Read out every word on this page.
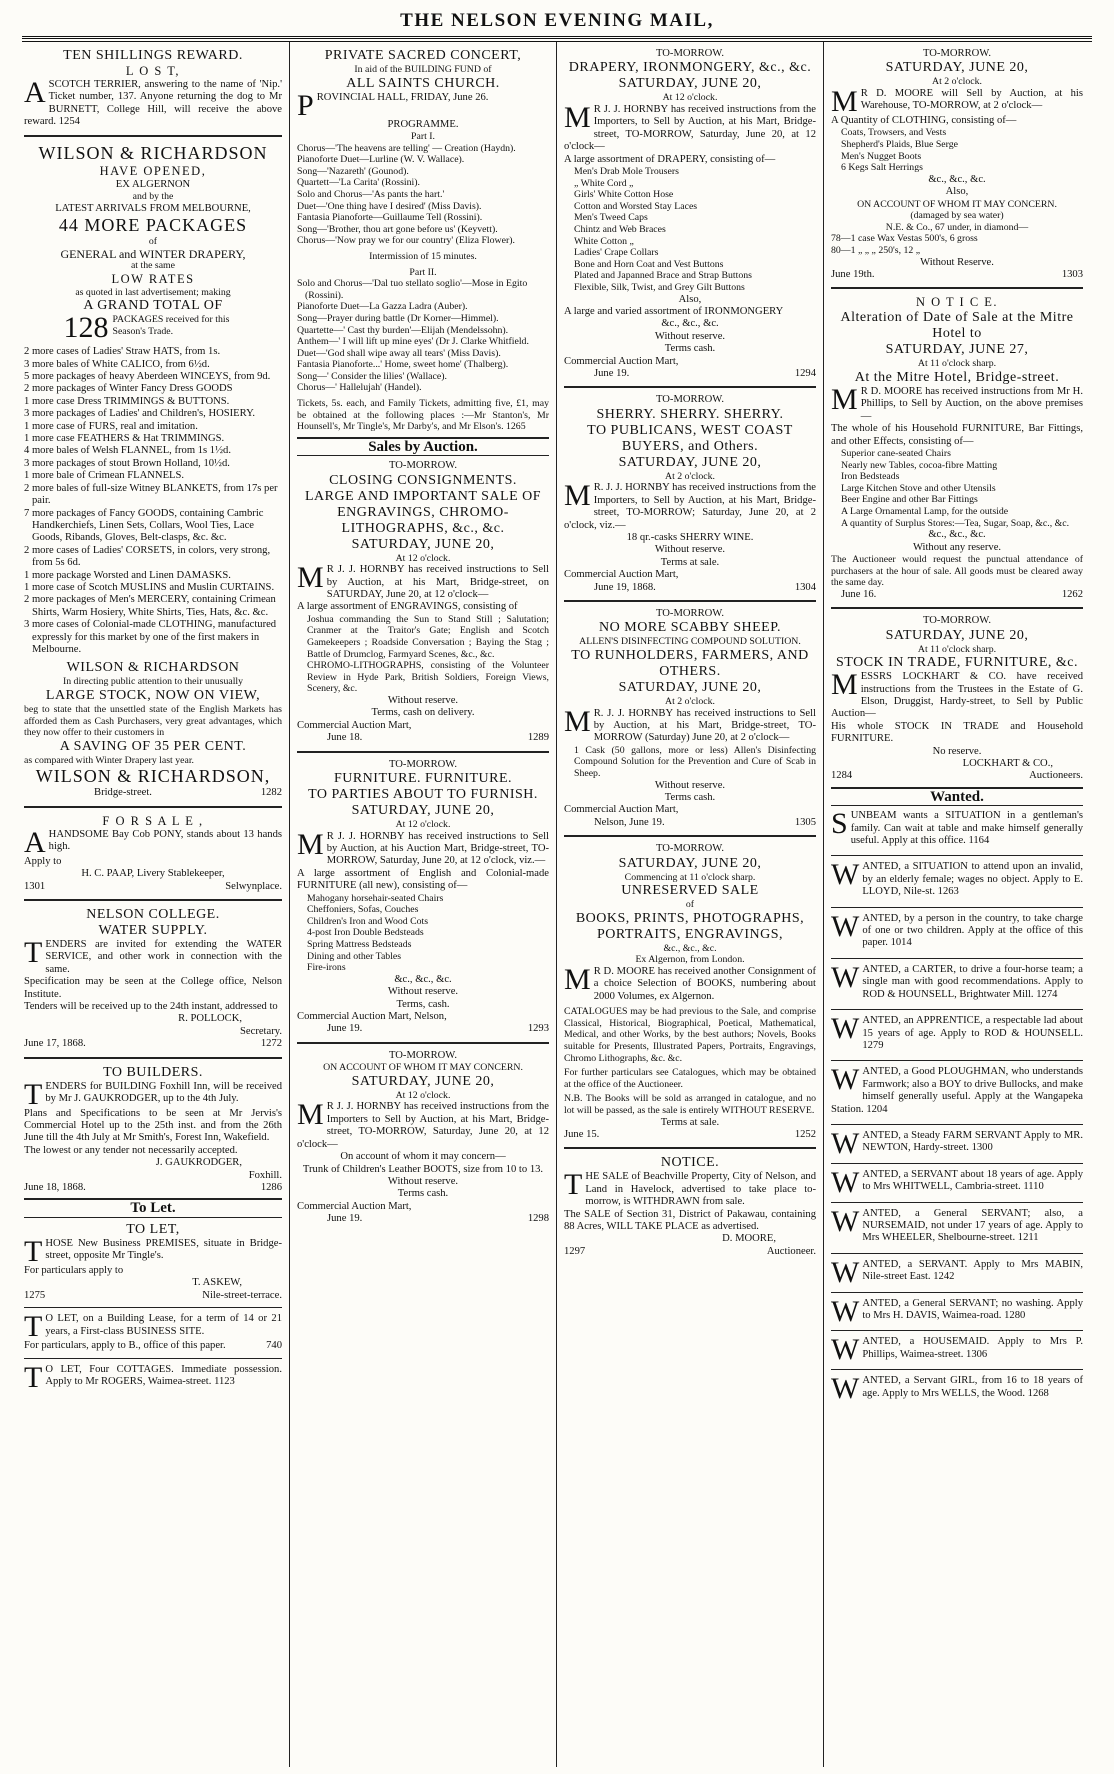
THE NELSON EVENING MAIL,
TEN SHILLINGS REWARD.
L O S T,
ASCOTCH TERRIER, answering to the name of 'Nip.' Ticket number, 137. Anyone returning the dog to Mr BURNETT, College Hill, will receive the above reward. 1254
WILSON & RICHARDSON
HAVE OPENED,
EX ALGERNON
and by the
LATEST ARRIVALS FROM MELBOURNE,
44 MORE PACKAGES
of
GENERAL and WINTER DRAPERY,
at the same
LOW RATES
as quoted in last advertisement; making
A GRAND TOTAL OF
128 PACKAGES received for this Season's Trade.
2 more cases of Ladies' Straw HATS, from 1s.
3 more bales of White CALICO, from 6½d.
5 more packages of heavy Aberdeen WINCEYS, from 9d.
2 more packages of Winter Fancy Dress GOODS
1 more case Dress TRIMMINGS & BUTTONS.
3 more packages of Ladies' and Children's, HOSIERY.
1 more case of FURS, real and imitation.
1 more case FEATHERS & Hat TRIMMINGS.
4 more bales of Welsh FLANNEL, from 1s 1½d.
3 more packages of stout Brown Holland, 10½d.
1 more bale of Crimean FLANNELS.
2 more bales of full-size Witney BLANKETS, from 17s per pair.
7 more packages of Fancy GOODS, containing Cambric Handkerchiefs, Linen Sets, Collars, Wool Ties, Lace Goods, Ribands, Gloves, Belt-clasps, &c. &c.
2 more cases of Ladies' CORSETS, in colors, very strong, from 5s 6d.
1 more package Worsted and Linen DAMASKS.
1 more case of Scotch MUSLINS and Muslin CURTAINS.
2 more packages of Men's MERCERY, containing Crimean Shirts, Warm Hosiery, White Shirts, Ties, Hats, &c. &c.
3 more cases of Colonial-made CLOTHING, manufactured expressly for this market by one of the first makers in Melbourne.
WILSON & RICHARDSON
In directing public attention to their unusually
LARGE STOCK, NOW ON VIEW,
beg to state that the unsettled state of the English Markets has afforded them as Cash Purchasers, very great advantages, which they now offer to their customers in
A SAVING OF 35 PER CENT.
as compared with Winter Drapery last year.
WILSON & RICHARDSON,
Bridge-street.	1282
F O R S A L E ,
AHANDSOME Bay Cob PONY, stands about 13 hands high.
Apply to
H. C. PAAP, Livery Stablekeeper,
1301	Selwynplace.
NELSON COLLEGE.
WATER SUPPLY.
TENDERS are invited for extending the WATER SERVICE, and other work in connection with the same.
Specification may be seen at the College office, Nelson Institute.
Tenders will be received up to the 24th instant, addressed to
R. POLLOCK,
Secretary.
June 17, 1868.	1272
TO BUILDERS.
TENDERS for BUILDING Foxhill Inn, will be received by Mr J. GAUKRODGER, up to the 4th July.
Plans and Specifications to be seen at Mr Jervis's Commercial Hotel up to the 25th inst. and from the 26th June till the 4th July at Mr Smith's, Forest Inn, Wakefield.
The lowest or any tender not necessarily accepted.
J. GAUKRODGER,
Foxhill.
June 18, 1868.	1286
To Let.
TO LET,
THOSE New Business PREMISES, situate in Bridge-street, opposite Mr Tingle's.
For particulars apply to
T. ASKEW,
1275	Nile-street-terrace.
T O LET, on a Building Lease, for a term of 14 or 21 years, a First-class BUSINESS SITE.
For particulars, apply to B., office of this paper.	740
T O LET, Four COTTAGES. Immediate possession. Apply to Mr ROGERS, Waimea-street. 1123
PRIVATE SACRED CONCERT,
In aid of the BUILDING FUND of
ALL SAINTS CHURCH.
PROVINCIAL HALL, FRIDAY, June 26.
PROGRAMME.
Part I.
Chorus—'The heavens are telling' — Creation (Haydn).
Pianoforte Duet—Lurline (W. V. Wallace).
Song—'Nazareth' (Gounod).
Quartett—'La Carita' (Rossini).
Solo and Chorus—'As pants the hart.'
Duet—'One thing have I desired' (Miss Davis).
Fantasia Pianoforte—Guillaume Tell (Rossini).
Song—'Brother, thou art gone before us' (Keyvett).
Chorus—'Now pray we for our country' (Eliza Flower).
Intermission of 15 minutes.
Part II.
Solo and Chorus—'Dal tuo stellato soglio'—Mose in Egito (Rossini).
Pianoforte Duet—La Gazza Ladra (Auber).
Song—Prayer during battle (Dr Korner—Himmel).
Quartette—' Cast thy burden'—Elijah (Mendelssohn).
Anthem—' I will lift up mine eyes' (Dr J. Clarke Whitfield.
Duet—'God shall wipe away all tears' (Miss Davis).
Fantasia Pianoforte...' Home, sweet home' (Thalberg).
Song—' Consider the lilies' (Wallace).
Chorus—' Hallelujah' (Handel).
Tickets, 5s. each, and Family Tickets, admitting five, £1, may be obtained at the following places :—Mr Stanton's, Mr Hounsell's, Mr Tingle's, Mr Darby's, and Mr Elson's. 1265
Sales by Auction.
TO-MORROW.
CLOSING CONSIGNMENTS.
LARGE AND IMPORTANT SALE OF ENGRAVINGS, CHROMO-LITHOGRAPHS, &c., &c.
SATURDAY, JUNE 20,
At 12 o'clock.
M R J. J. HORNBY has received instructions to Sell by Auction, at his Mart, Bridge-street, on SATURDAY, June 20, at 12 o'clock—
A large assortment of ENGRAVINGS, consisting of
Joshua commanding the Sun to Stand Still ; Salutation; Cranmer at the Traitor's Gate; English and Scotch Gamekeepers ; Roadside Conversation ; Baying the Stag ; Battle of Drumclog, Farmyard Scenes, &c., &c.
CHROMO-LITHOGRAPHS, consisting of the Volunteer Review in Hyde Park, British Soldiers, Foreign Views, Scenery, &c.
Without reserve.
Terms, cash on delivery.
Commercial Auction Mart,
June 18.	1289
TO-MORROW.
FURNITURE. FURNITURE.
TO PARTIES ABOUT TO FURNISH.
SATURDAY, JUNE 20,
At 12 o'clock.
M R J. J. HORNBY has received instructions to Sell by Auction, at his Auction Mart, Bridge-street, TO-MORROW, Saturday, June 20, at 12 o'clock, viz.—
A large assortment of English and Colonial-made FURNITURE (all new), consisting of—
Mahogany horsehair-seated Chairs
Cheffoniers, Sofas, Couches
Children's Iron and Wood Cots
4-post Iron Double Bedsteads
Spring Mattress Bedsteads
Dining and other Tables
Fire-irons
&c., &c., &c.
Without reserve.
Terms, cash.
Commercial Auction Mart, Nelson,
June 19.	1293
TO-MORROW.
ON ACCOUNT OF WHOM IT MAY CONCERN.
SATURDAY, JUNE 20,
At 12 o'clock.
M R J. J. HORNBY has received instructions from the Importers to Sell by Auction, at his Mart, Bridge-street, TO-MORROW, Saturday, June 20, at 12 o'clock—
On account of whom it may concern—
Trunk of Children's Leather BOOTS, size from 10 to 13.
Without reserve.
Terms cash.
Commercial Auction Mart,
June 19.	1298
TO-MORROW.
DRAPERY, IRONMONGERY, &c., &c.
SATURDAY, JUNE 20,
At 12 o'clock.
M R J. J. HORNBY has received instructions from the Importers, to Sell by Auction, at his Mart, Bridge-street, TO-MORROW, Saturday, June 20, at 12 o'clock—
A large assortment of DRAPERY, consisting of—
Men's Drab Mole Trousers
„ White Cord „
Girls' White Cotton Hose
Cotton and Worsted Stay Laces
Men's Tweed Caps
Chintz and Web Braces
White Cotton „
Ladies' Crape Collars
Bone and Horn Coat and Vest Buttons
Plated and Japanned Brace and Strap Buttons
Flexible, Silk, Twist, and Grey Gilt Buttons
Also,
A large and varied assortment of IRONMONGERY
&c., &c., &c.
Without reserve.
Terms cash.
Commercial Auction Mart,
June 19.	1294
TO-MORROW.
SHERRY. SHERRY. SHERRY.
TO PUBLICANS, WEST COAST BUYERS, and Others.
SATURDAY, JUNE 20,
At 2 o'clock.
M R. J. J. HORNBY has received instructions from the Importers, to Sell by Auction, at his Mart, Bridge-street, TO-MORROW; Saturday, June 20, at 2 o'clock, viz.—
18 qr.-casks SHERRY WINE.
Without reserve.
Terms at sale.
Commercial Auction Mart,
June 19, 1868.	1304
TO-MORROW.
NO MORE SCABBY SHEEP.
ALLEN'S DISINFECTING COMPOUND SOLUTION.
TO RUNHOLDERS, FARMERS, AND OTHERS.
SATURDAY, JUNE 20,
At 2 o'clock.
M R. J. J. HORNBY has received instructions to Sell by Auction, at his Mart, Bridge-street, TO-MORROW (Saturday) June 20, at 2 o'clock—
1 Cask (50 gallons, more or less) Allen's Disinfecting Compound Solution for the Prevention and Cure of Scab in Sheep.
Without reserve.
Terms cash.
Commercial Auction Mart,
Nelson, June 19.	1305
TO-MORROW.
SATURDAY, JUNE 20,
Commencing at 11 o'clock sharp.
UNRESERVED SALE
of
BOOKS, PRINTS, PHOTOGRAPHS, PORTRAITS, ENGRAVINGS,
&c., &c., &c.
Ex Algernon, from London.
M R D. MOORE has received another Consignment of a choice Selection of BOOKS, numbering about 2000 Volumes, ex Algernon.
CATALOGUES may be had previous to the Sale, and comprise Classical, Historical, Biographical, Poetical, Mathematical, Medical, and other Works, by the best authors; Novels, Books suitable for Presents, Illustrated Papers, Portraits, Engravings, Chromo Lithographs, &c. &c.
For further particulars see Catalogues, which may be obtained at the office of the Auctioneer.
N.B. The Books will be sold as arranged in catalogue, and no lot will be passed, as the sale is entirely WITHOUT RESERVE.
Terms at sale.
June 15.	1252
NOTICE.
THE SALE of Beachville Property, City of Nelson, and Land in Havelock, advertised to take place to-morrow, is WITHDRAWN from sale.
The SALE of Section 31, District of Pakawau, containing 88 Acres, WILL TAKE PLACE as advertised.
D. MOORE,
1297	Auctioneer.
TO-MORROW.
SATURDAY, JUNE 20,
At 2 o'clock.
M R D. MOORE will Sell by Auction, at his Warehouse, TO-MORROW, at 2 o'clock—
A Quantity of CLOTHING, consisting of—
Coats, Trowsers, and Vests
Shepherd's Plaids, Blue Serge
Men's Nugget Boots
6 Kegs Salt Herrings
&c., &c., &c.
Also,
ON ACCOUNT OF WHOM IT MAY CONCERN.
(damaged by sea water)
N.E. & Co., 67 under, in diamond—
78—1 case Wax Vestas 500's, 6 gross
80—1 „ „ „ 250's, 12 „
Without Reserve.
June 19th.	1303
N O T I C E.
Alteration of Date of Sale at the Mitre Hotel to
SATURDAY, JUNE 27,
At 11 o'clock sharp.
At the Mitre Hotel, Bridge-street.
M R D. MOORE has received instructions from Mr H. Phillips, to Sell by Auction, on the above premises—
The whole of his Household FURNITURE, Bar Fittings, and other Effects, consisting of—
Superior cane-seated Chairs
Nearly new Tables, cocoa-fibre Matting
Iron Bedsteads
Large Kitchen Stove and other Utensils
Beer Engine and other Bar Fittings
A Large Ornamental Lamp, for the outside
A quantity of Surplus Stores:—Tea, Sugar, Soap, &c., &c.
&c., &c., &c.
Without any reserve.
The Auctioneer would request the punctual attendance of purchasers at the hour of sale. All goods must be cleared away the same day.
June 16.	1262
TO-MORROW.
SATURDAY, JUNE 20,
At 11 o'clock sharp.
STOCK IN TRADE, FURNITURE, &c.
MESSRS LOCKHART & CO. have received instructions from the Trustees in the Estate of G. Elson, Druggist, Hardy-street, to Sell by Public Auction—
His whole STOCK IN TRADE and Household FURNITURE.
No reserve.
LOCKHART & CO.,
1284	Auctioneers.
Wanted.
SUNBEAM wants a SITUATION in a gentleman's family. Can wait at table and make himself generally useful. Apply at this office. 1164
WANTED, a SITUATION to attend upon an invalid, by an elderly female; wages no object. Apply to E. LLOYD, Nile-st. 1263
WANTED, by a person in the country, to take charge of one or two children. Apply at the office of this paper. 1014
WANTED, a CARTER, to drive a four-horse team; a single man with good recommendations. Apply to ROD & HOUNSELL, Brightwater Mill. 1274
WANTED, an APPRENTICE, a respectable lad about 15 years of age. Apply to ROD & HOUNSELL. 1279
WANTED, a Good PLOUGHMAN, who understands Farmwork; also a BOY to drive Bullocks, and make himself generally useful. Apply at the Wangapeka Station. 1204
WANTED, a Steady FARM SERVANT Apply to MR. NEWTON, Hardy-street. 1300
WANTED, a SERVANT about 18 years of age. Apply to Mrs WHITWELL, Cambria-street. 1110
WANTED, a General SERVANT; also, a NURSEMAID, not under 17 years of age. Apply to Mrs WHEELER, Shelbourne-street. 1211
WANTED, a SERVANT. Apply to Mrs MABIN, Nile-street East. 1242
WANTED, a General SERVANT; no washing. Apply to Mrs H. DAVIS, Waimea-road. 1280
WANTED, a HOUSEMAID. Apply to Mrs P. Phillips, Waimea-street. 1306
WANTED, a Servant GIRL, from 16 to 18 years of age. Apply to Mrs WELLS, the Wood. 1268
